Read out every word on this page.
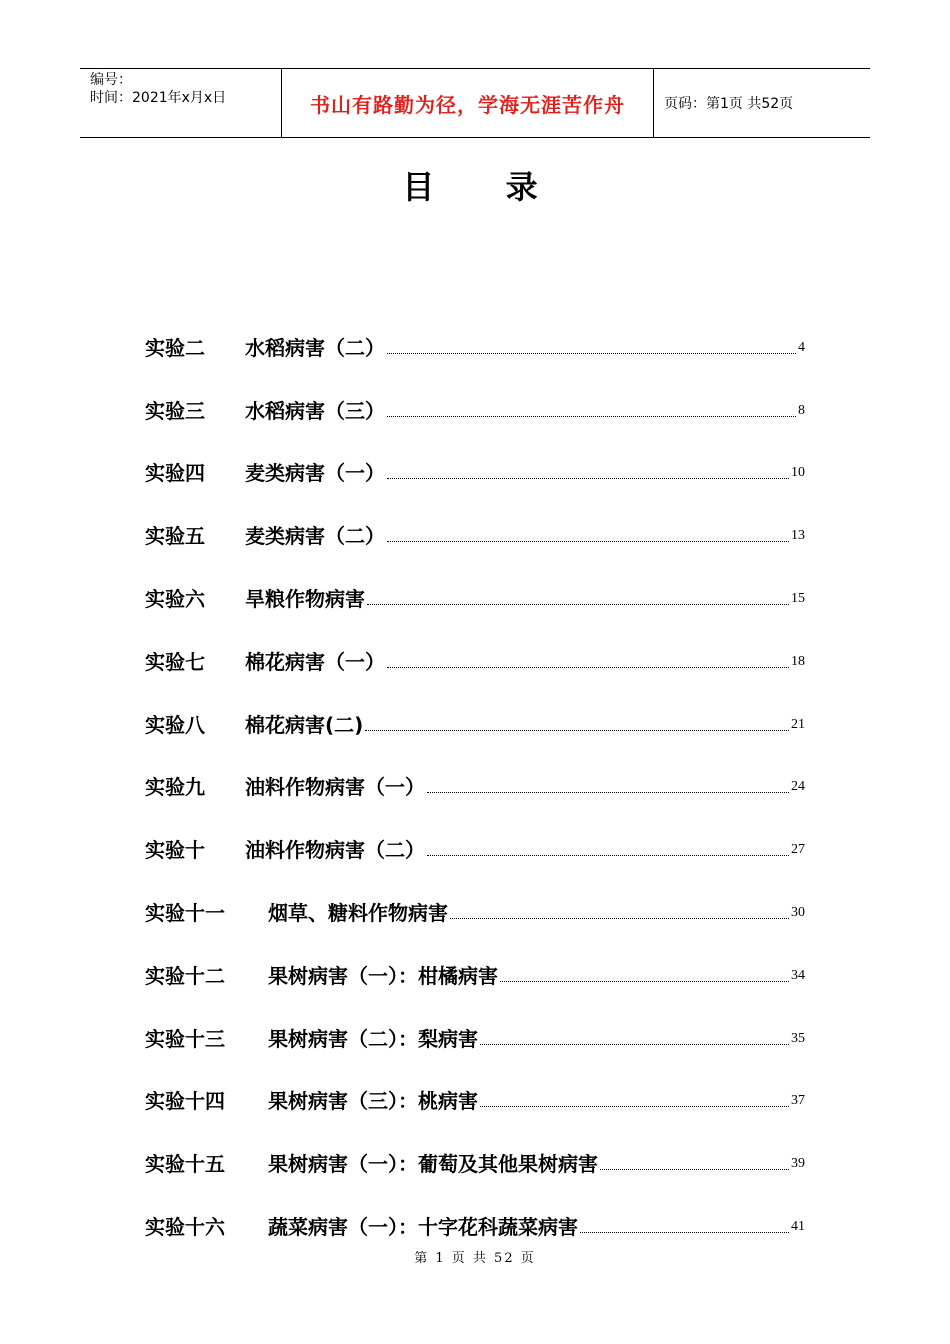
编号：
时间：2021年x月x日	书山有路勤为径，学海无涯苦作舟	页码：第1页 共52页
目 录
实验二	水稻病害（二）	4
实验三	水稻病害（三）	8
实验四	麦类病害（一）	10
实验五	麦类病害（二）	13
实验六	旱粮作物病害	15
实验七	棉花病害（一）	18
实验八	棉花病害(二)	21
实验九	油料作物病害（一）	24
实验十	油料作物病害（二）	27
实验十一	烟草、糖料作物病害	30
实验十二	果树病害（一）：柑橘病害	34
实验十三	果树病害（二）：梨病害	35
实验十四	果树病害（三）：桃病害	37
实验十五	果树病害（一）：葡萄及其他果树病害	39
实验十六	蔬菜病害（一）：十字花科蔬菜病害	41
第 1 页 共 52 页
